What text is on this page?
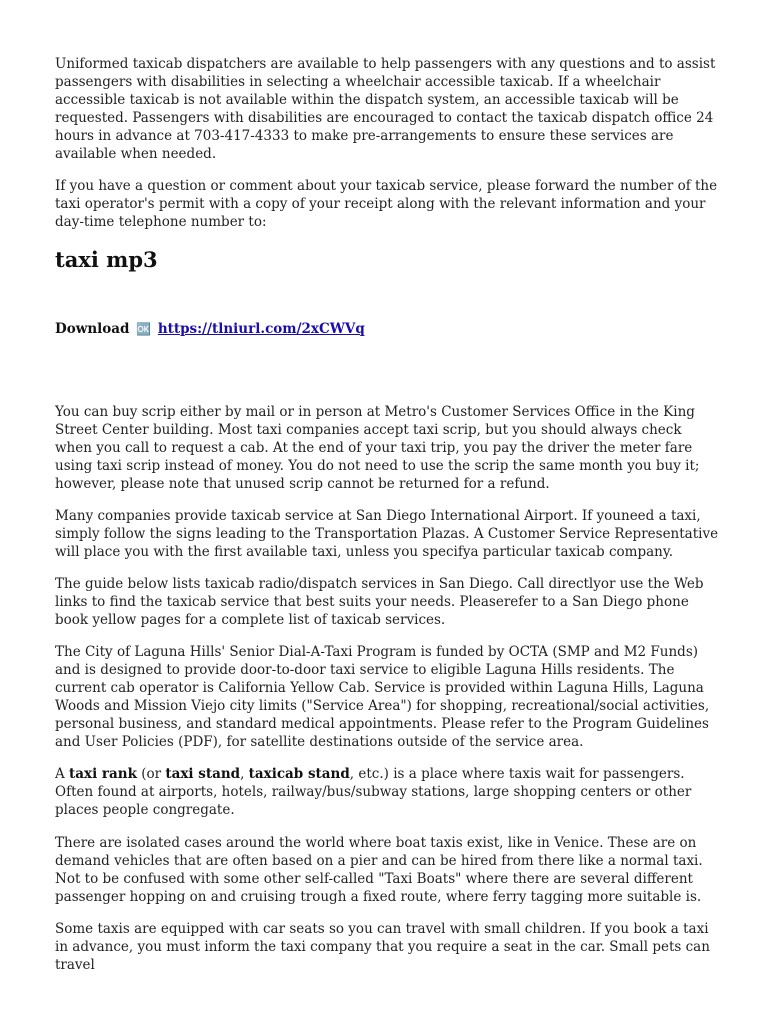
Uniformed taxicab dispatchers are available to help passengers with any questions and to assist passengers with disabilities in selecting a wheelchair accessible taxicab. If a wheelchair accessible taxicab is not available within the dispatch system, an accessible taxicab will be requested. Passengers with disabilities are encouraged to contact the taxicab dispatch office 24 hours in advance at 703-417-4333 to make pre-arrangements to ensure these services are available when needed.

If you have a question or comment about your taxicab service, please forward the number of the taxi operator's permit with a copy of your receipt along with the relevant information and your day-time telephone number to:

taxi mp3
Download 🆗 https://tlniurl.com/2xCWVq

You can buy scrip either by mail or in person at Metro's Customer Services Office in the King Street Center building. Most taxi companies accept taxi scrip, but you should always check when you call to request a cab. At the end of your taxi trip, you pay the driver the meter fare using taxi scrip instead of money. You do not need to use the scrip the same month you buy it; however, please note that unused scrip cannot be returned for a refund.

Many companies provide taxicab service at San Diego International Airport. If youneed a taxi, simply follow the signs leading to the Transportation Plazas. A Customer Service Representative will place you with the first available taxi, unless you specifya particular taxicab company.

The guide below lists taxicab radio/dispatch services in San Diego. Call directlyor use the Web links to find the taxicab service that best suits your needs. Pleaserefer to a San Diego phone book yellow pages for a complete list of taxicab services.

The City of Laguna Hills' Senior Dial-A-Taxi Program is funded by OCTA (SMP and M2 Funds) and is designed to provide door-to-door taxi service to eligible Laguna Hills residents. The current cab operator is California Yellow Cab. Service is provided within Laguna Hills, Laguna Woods and Mission Viejo city limits ("Service Area") for shopping, recreational/social activities, personal business, and standard medical appointments. Please refer to the Program Guidelines and User Policies (PDF), for satellite destinations outside of the service area.

A taxi rank (or taxi stand, taxicab stand, etc.) is a place where taxis wait for passengers. Often found at airports, hotels, railway/bus/subway stations, large shopping centers or other places people congregate.

There are isolated cases around the world where boat taxis exist, like in Venice. These are on demand vehicles that are often based on a pier and can be hired from there like a normal taxi. Not to be confused with some other self-called "Taxi Boats" where there are several different passenger hopping on and cruising trough a fixed route, where ferry tagging more suitable is.

Some taxis are equipped with car seats so you can travel with small children. If you book a taxi in advance, you must inform the taxi company that you require a seat in the car. Small pets can travel
